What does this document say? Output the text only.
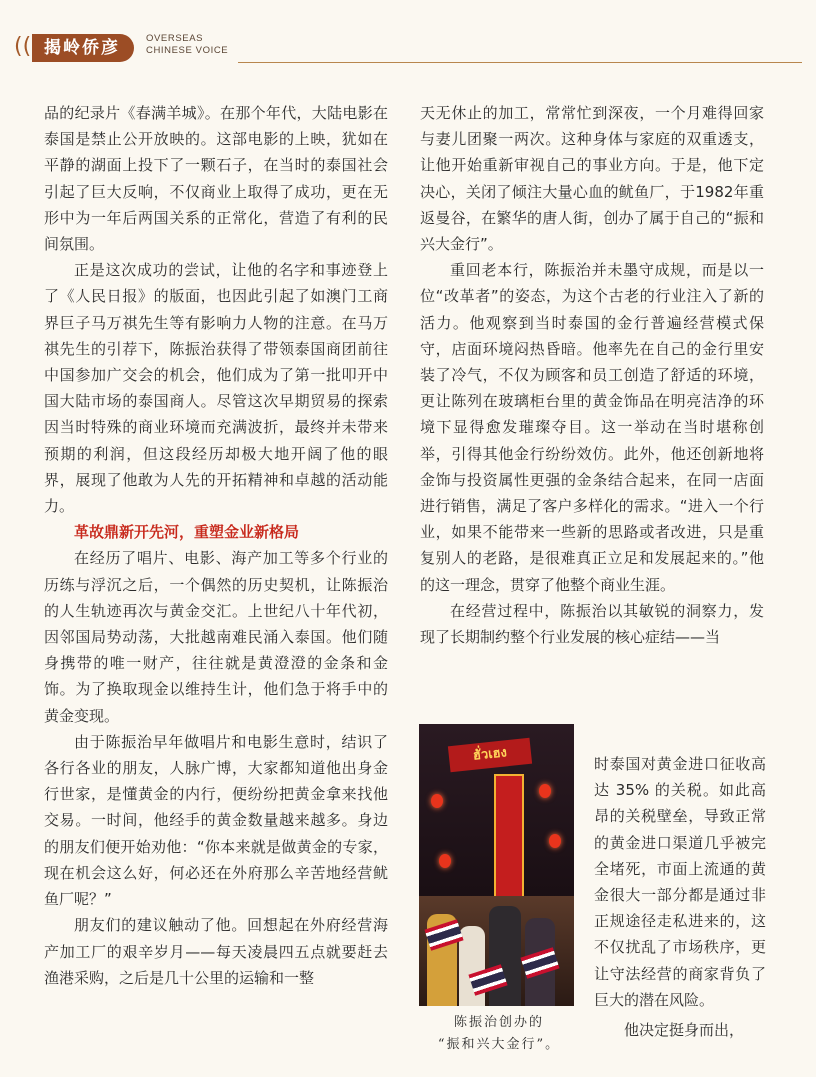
(( 揭岭侨彦	OVERSEAS
CHINESE VOICE

品的纪录片《春满羊城》。在那个年代，大陆电影在泰国是禁止公开放映的。这部电影的上映，犹如在平静的湖面上投下了一颗石子，在当时的泰国社会引起了巨大反响，不仅商业上取得了成功，更在无形中为一年后两国关系的正常化，营造了有利的民间氛围。

正是这次成功的尝试，让他的名字和事迹登上了《人民日报》的版面，也因此引起了如澳门工商界巨子马万祺先生等有影响力人物的注意。在马万祺先生的引荐下，陈振治获得了带领泰国商团前往中国参加广交会的机会，他们成为了第一批叩开中国大陆市场的泰国商人。尽管这次早期贸易的探索因当时特殊的商业环境而充满波折，最终并未带来预期的利润，但这段经历却极大地开阔了他的眼界，展现了他敢为人先的开拓精神和卓越的活动能力。

革故鼎新开先河，重塑金业新格局

在经历了唱片、电影、海产加工等多个行业的历练与浮沉之后，一个偶然的历史契机，让陈振治的人生轨迹再次与黄金交汇。上世纪八十年代初，因邻国局势动荡，大批越南难民涌入泰国。他们随身携带的唯一财产，往往就是黄澄澄的金条和金饰。为了换取现金以维持生计，他们急于将手中的黄金变现。

由于陈振治早年做唱片和电影生意时，结识了各行各业的朋友，人脉广博，大家都知道他出身金行世家，是懂黄金的内行，便纷纷把黄金拿来找他交易。一时间，他经手的黄金数量越来越多。身边的朋友们便开始劝他：“你本来就是做黄金的专家，现在机会这么好，何必还在外府那么辛苦地经营鱿鱼厂呢？”

朋友们的建议触动了他。回想起在外府经营海产加工厂的艰辛岁月——每天凌晨四五点就要赶去渔港采购，之后是几十公里的运输和一整

天无休止的加工，常常忙到深夜，一个月难得回家与妻儿团聚一两次。这种身体与家庭的双重透支，让他开始重新审视自己的事业方向。于是，他下定决心，关闭了倾注大量心血的鱿鱼厂，于1982年重返曼谷，在繁华的唐人街，创办了属于自己的“振和兴大金行”。

重回老本行，陈振治并未墨守成规，而是以一位“改革者”的姿态，为这个古老的行业注入了新的活力。他观察到当时泰国的金行普遍经营模式保守，店面环境闷热昏暗。他率先在自己的金行里安装了冷气，不仅为顾客和员工创造了舒适的环境，更让陈列在玻璃柜台里的黄金饰品在明亮洁净的环境下显得愈发璀璨夺目。这一举动在当时堪称创举，引得其他金行纷纷效仿。此外，他还创新地将金饰与投资属性更强的金条结合起来，在同一店面进行销售，满足了客户多样化的需求。“进入一个行业，如果不能带来一些新的思路或者改进，只是重复别人的老路，是很难真正立足和发展起来的。”他的这一理念，贯穿了他整个商业生涯。

在经营过程中，陈振治以其敏锐的洞察力，发现了长期制约整个行业发展的核心症结——当

时泰国对黄金进口征收高达 35% 的关税。如此高昂的关税壁垒，导致正常的黄金进口渠道几乎被完全堵死，市面上流通的黄金很大一部分都是通过非正规途径走私进来的，这不仅扰乱了市场秩序，更让守法经营的商家背负了巨大的潜在风险。

他决定挺身而出，

ฮั่วเฮง
陈振治创办的
“振和兴大金行”。
